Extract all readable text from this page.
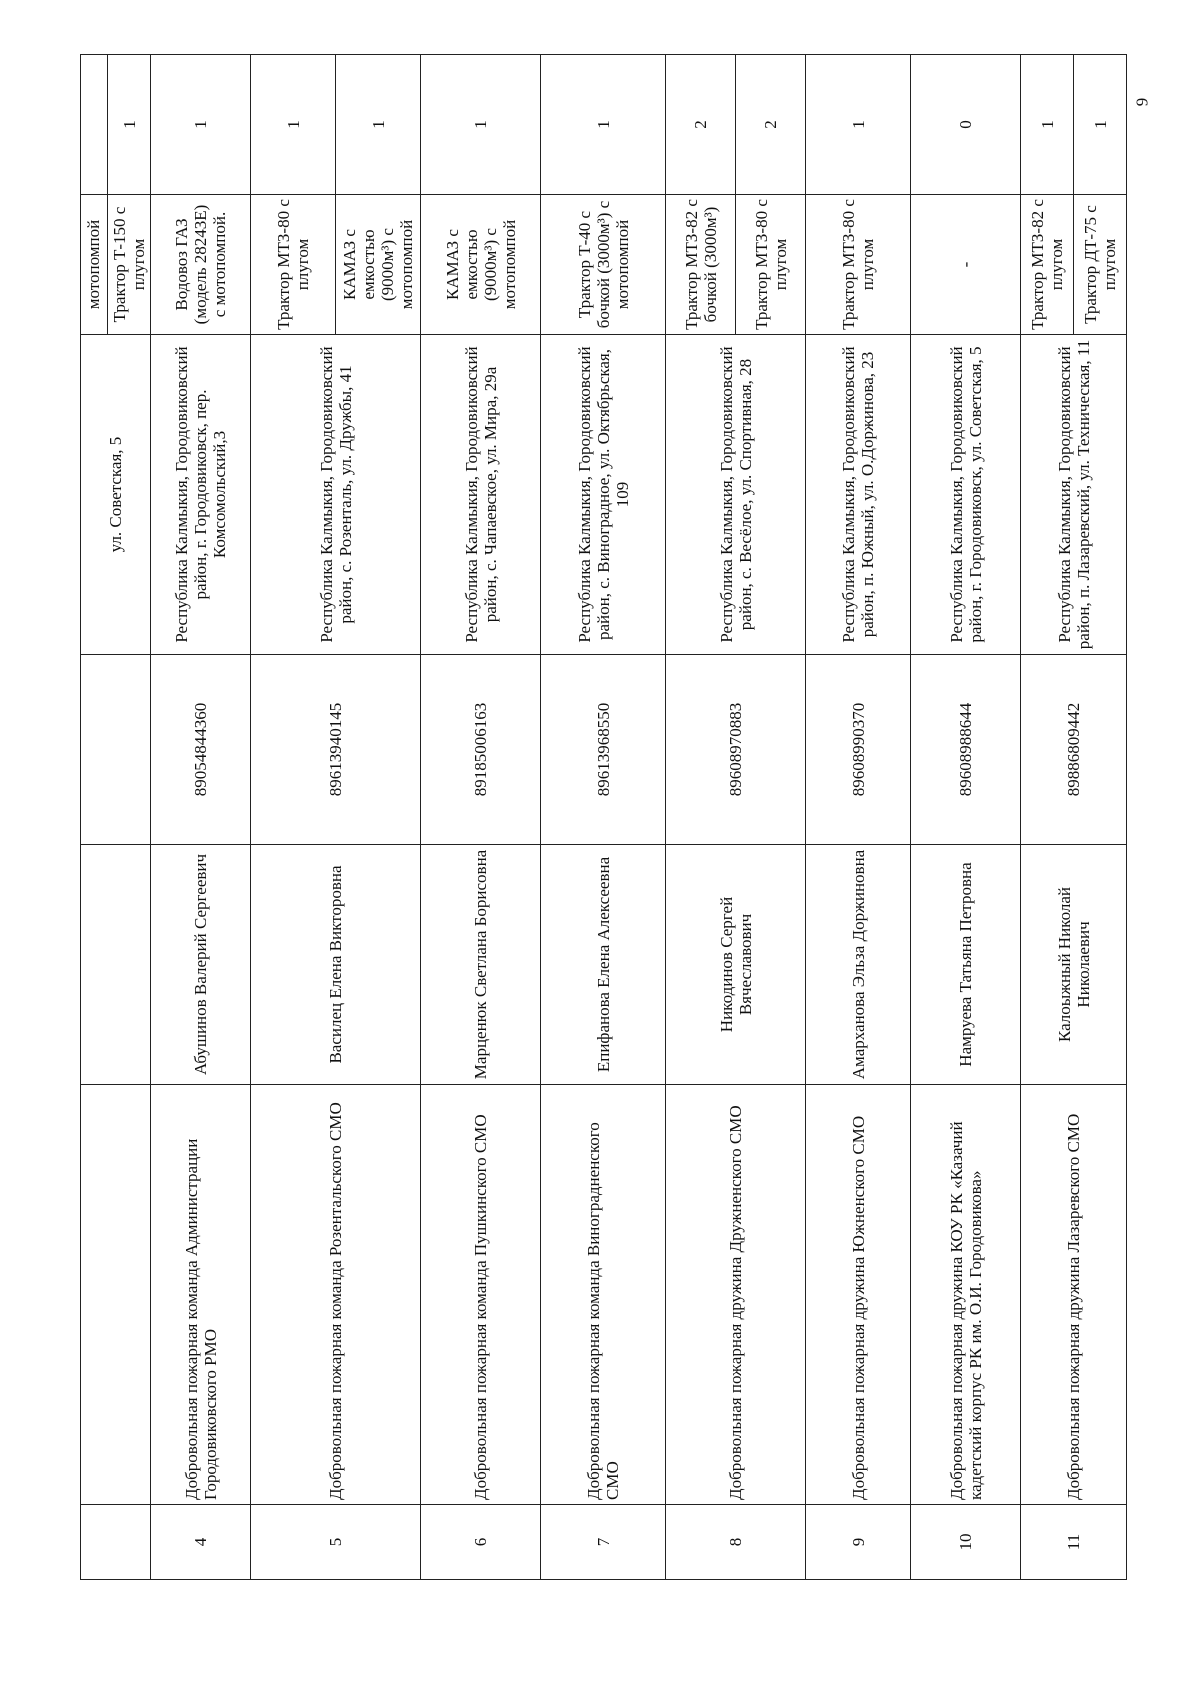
				ул. Советская, 5	мотопомпой	
					Трактор Т-150 с плугом	1
4	Добровольная пожарная команда Администрации Городовиковского РМО	Абушинов Валерий Сергеевич	89054844360	Республика Калмыкия, Городовиковский район, г. Городовиковск, пер. Комсомольский,3	Водовоз ГАЗ (модель 28243Е) с мотопомпой.	1
5	Добровольная пожарная команда Розентальского СМО	Василец Елена Викторовна	89613940145	Республика Калмыкия, Городовиковский район, с. Розенталь, ул. Дружбы, 41	Трактор МТЗ-80 с плугом	1
					КАМАЗ с емкостью (9000м³) с мотопомпой	1
6	Добровольная пожарная команда Пушкинского СМО	Марценюк Светлана Борисовна	89185006163	Республика Калмыкия, Городовиковский район, с. Чапаевское, ул. Мира, 29а	КАМАЗ с емкостью (9000м³) с мотопомпой	1
7	Добровольная пожарная команда Виноградненского СМО	Епифанова Елена Алексеевна	89613968550	Республика Калмыкия, Городовиковский район, с. Виноградное, ул. Октябрьская, 109	Трактор Т-40 с бочкой (3000м³) с мотопомпой	1
8	Добровольная пожарная дружина Дружненского СМО	Никодинов Сергей Вячеславович	89608970883	Республика Калмыкия, Городовиковский район, с. Весёлое, ул. Спортивная, 28	Трактор МТЗ-82 с бочкой (3000м³)	2
					Трактор МТЗ-80 с плугом	2
9	Добровольная пожарная дружина Южненского СМО	Амарханова Эльза Доржиновна	89608990370	Республика Калмыкия, Городовиковский район, п. Южный, ул. О.Доржинова, 23	Трактор МТЗ-80 с плугом	1
10	Добровольная пожарная дружина КОУ РК «Казачий кадетский корпус РК им. О.И. Городовикова»	Намруева Татьяна Петровна	89608988644	Республика Калмыкия, Городовиковский район, г. Городовиковск, ул. Советская, 5	-	0
11	Добровольная пожарная дружина Лазаревского СМО	Калоыжный Николай Николаевич	89886809442	Республика Калмыкия, Городовиковский район, п. Лазаревский, ул. Техническая, 11	Трактор МТЗ-82 с плугом	1
					Трактор ДТ-75 с плугом	1
9
